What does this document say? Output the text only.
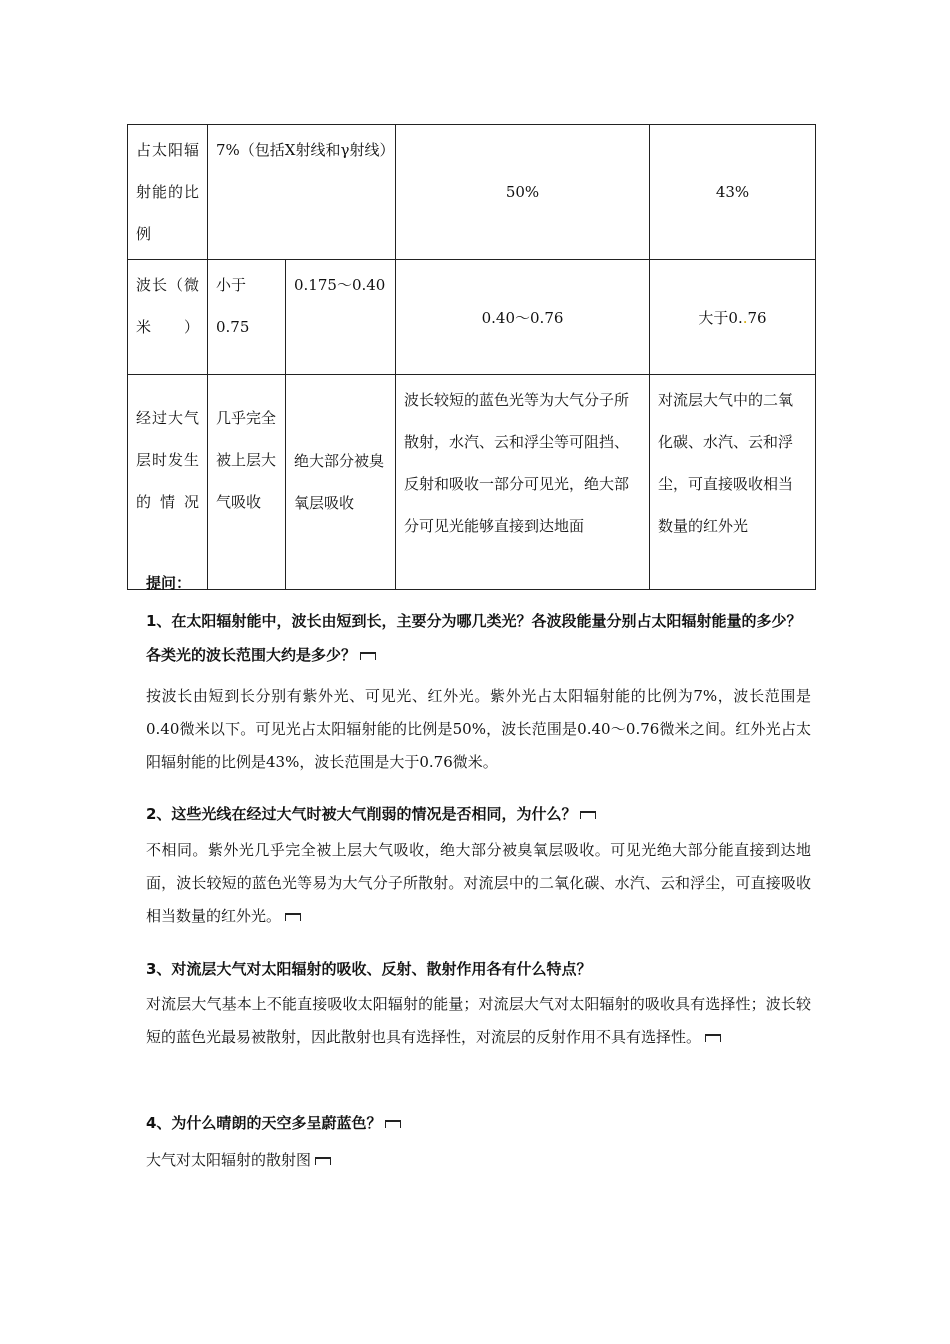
占太阳辐射能的比例	7%（包括X射线和γ射线）		50%	43%
波长（微米）	小于0.75	0.175～0.40	0.40～0.76	大于0..76
经过大气层时发生的情况	几乎完全被上层大气吸收	绝大部分被臭氧层吸收	波长较短的蓝色光等为大气分子所散射，水汽、云和浮尘等可阻挡、反射和吸收一部分可见光，绝大部分可见光能够直接到达地面	对流层大气中的二氧化碳、水汽、云和浮尘，可直接吸收相当数量的红外光
提问：
1、在太阳辐射能中，波长由短到长，主要分为哪几类光？各波段能量分别占太阳辐射能量的多少？各类光的波长范围大约是多少？
按波长由短到长分别有紫外光、可见光、红外光。紫外光占太阳辐射能的比例为7%，波长范围是0.40微米以下。可见光占太阳辐射能的比例是50%，波长范围是0.40～0.76微米之间。红外光占太阳辐射能的比例是43%，波长范围是大于0.76微米。
2、这些光线在经过大气时被大气削弱的情况是否相同，为什么？
不相同。紫外光几乎完全被上层大气吸收，绝大部分被臭氧层吸收。可见光绝大部分能直接到达地面，波长较短的蓝色光等易为大气分子所散射。对流层中的二氧化碳、水汽、云和浮尘，可直接吸收相当数量的红外光。
3、对流层大气对太阳辐射的吸收、反射、散射作用各有什么特点？
对流层大气基本上不能直接吸收太阳辐射的能量；对流层大气对太阳辐射的吸收具有选择性；波长较短的蓝色光最易被散射，因此散射也具有选择性，对流层的反射作用不具有选择性。
4、为什么晴朗的天空多呈蔚蓝色？
大气对太阳辐射的散射图
